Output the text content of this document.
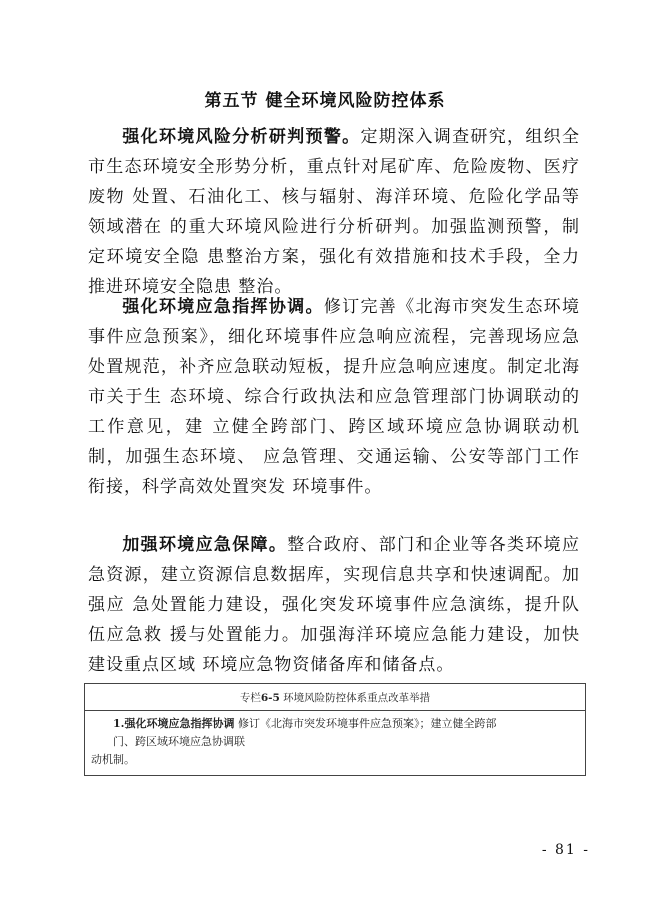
第五节 健全环境风险防控体系

强化环境风险分析研判预警。定期深入调查研究，组织全市生态环境安全形势分析，重点针对尾矿库、危险废物、医疗废物 处置、石油化工、核与辐射、海洋环境、危险化学品等领域潜在 的重大环境风险进行分析研判。加强监测预警，制定环境安全隐 患整治方案，强化有效措施和技术手段，全力推进环境安全隐患 整治。

强化环境应急指挥协调。修订完善《北海市突发生态环境事件应急预案》，细化环境事件应急响应流程，完善现场应急处置规范，补齐应急联动短板，提升应急响应速度。制定北海市关于生 态环境、综合行政执法和应急管理部门协调联动的工作意见，建 立健全跨部门、跨区域环境应急协调联动机制，加强生态环境、 应急管理、交通运输、公安等部门工作衔接，科学高效处置突发 环境事件。

加强环境应急保障。整合政府、部门和企业等各类环境应急资源，建立资源信息数据库，实现信息共享和快速调配。加强应 急处置能力建设，强化突发环境事件应急演练，提升队伍应急救 援与处置能力。加强海洋环境应急能力建设，加快建设重点区域 环境应急物资储备库和储备点。

专栏6-5 环境风险防控体系重点改革举措
1.强化环境应急指挥协调 修订《北海市突发环境事件应急预案》；建立健全跨部
门、跨区域环境应急协调联
动机制。
- 81 -
